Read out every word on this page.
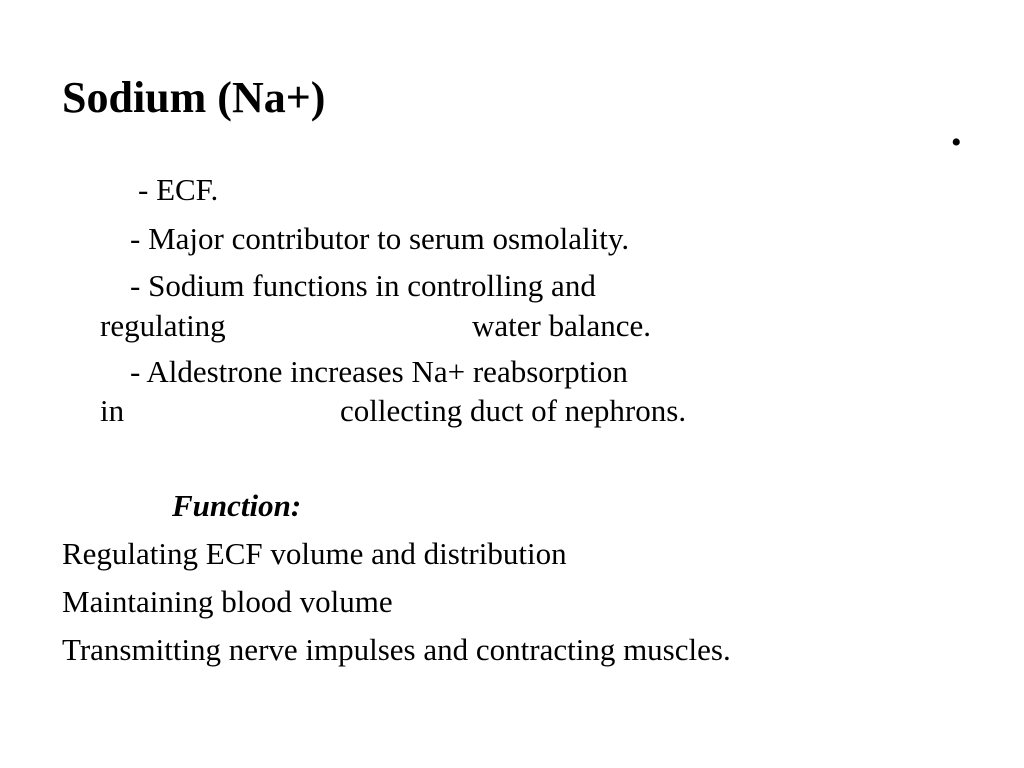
Sodium (Na+)
•
- ECF.
- Major contributor to serum osmolality.
- Sodium functions in controlling and
regulating	water balance.
- Aldestrone increases Na+ reabsorption
in	collecting duct of nephrons.
Function:
Regulating ECF volume and distribution
Maintaining blood volume
Transmitting nerve impulses and contracting muscles.
